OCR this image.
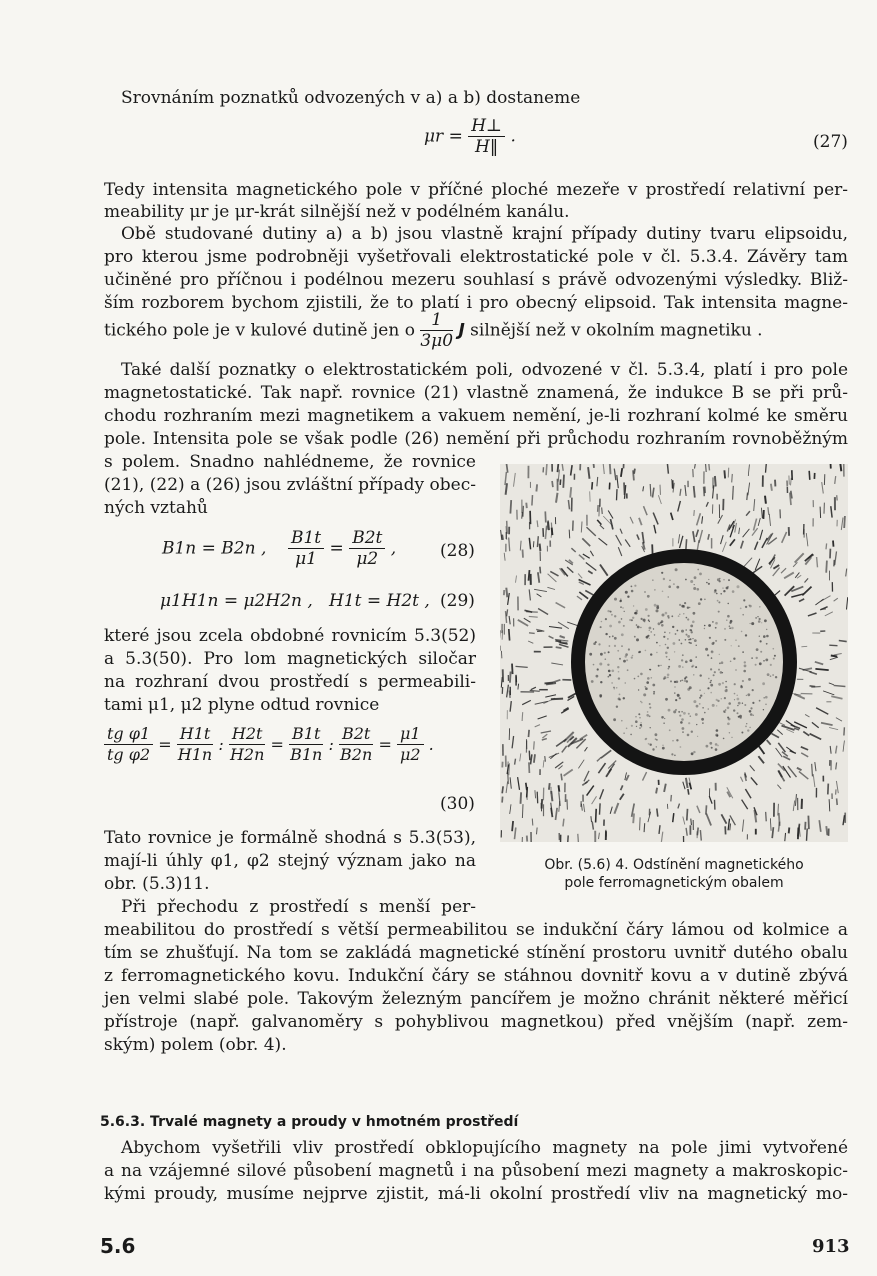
Srovnáním poznatků odvozených v a) a b) dostaneme
$\mu r = \frac{H\perp}{H‖}$ .	(27)
Tedy intensita magnetického pole v příčné ploché mezeře v prostředí relativní per-
meability μr je μr-krát silnější než v podélném kanálu.
Obě studované dutiny a) a b) jsou vlastně krajní případy dutiny tvaru elipsoidu,
pro kterou jsme podrobněji vyšetřovali elektrostatické pole v čl. 5.3.4. Závěry tam
učiněné pro příčnou i podélnou mezeru souhlasí s právě odvozenými výsledky. Bliž-
ším rozborem bychom zjistili, že to platí i pro obecný elipsoid. Tak intensita magne-
tického pole je v kulové dutině jen o $\frac{1}{3\mu 0}$ J silnější než v okolním magnetiku .
Také další poznatky o elektrostatickém poli, odvozené v čl. 5.3.4, platí i pro pole
magnetostatické. Tak např. rovnice (21) vlastně znamená, že indukce B se při prů-
chodu rozhraním mezi magnetikem a vakuem nemění, je-li rozhraní kolmé ke směru
pole. Intensita pole se však podle (26) nemění při průchodu rozhraním rovnoběžným
s polem. Snadno nahlédneme, že rovnice
(21), (22) a (26) jsou zvláštní případy obec-
ných vztahů
B1n = B2n , $\frac{B1t}{\mu 1} = \frac{B2t}{\mu 2}$ ,	(28)
μ1H1n = μ2H2n ,   H1t = H2t , (29)
které jsou zcela obdobné rovnicím 5.3(52)
a 5.3(50). Pro lom magnetických siločar
na rozhraní dvou prostředí s permeabili-
tami μ1, μ2 plyne odtud rovnice
$\frac{\text{tg φ1}}{\text{tg φ2}} = \frac{H1t}{H1n}$ : $\frac{H2t}{H2n} = \frac{B1t}{B1n}$ : $\frac{B2t}{B2n} = \frac{\mu 1}{\mu 2}$ .
(30)
Tato rovnice je formálně shodná s 5.3(53),
mají-li úhly φ1, φ2 stejný význam jako na
obr. (5.3)11.
Při přechodu z prostředí s menší per-
meabilitou do prostředí s větší permeabilitou se indukční čáry lámou od kolmice a
tím se zhušťují. Na tom se zakládá magnetické stínění prostoru uvnitř dutého obalu
z ferromagnetického kovu. Indukční čáry se stáhnou dovnitř kovu a v dutině zbývá
jen velmi slabé pole. Takovým železným pancířem je možno chránit některé měřicí
přístroje (např. galvanoměry s pohyblivou magnetkou) před vnějším (např. zem-
ským) polem (obr. 4).
Obr. (5.6) 4. Odstínění magnetického
pole ferromagnetickým obalem
5.6.3. Trvalé magnety a proudy v hmotném prostředí
Abychom vyšetřili vliv prostředí obklopujícího magnety na pole jimi vytvořené
a na vzájemné silové působení magnetů i na působení mezi magnety a makroskopic-
kými proudy, musíme nejprve zjistit, má-li okolní prostředí vliv na magnetický mo-
5.6	913
